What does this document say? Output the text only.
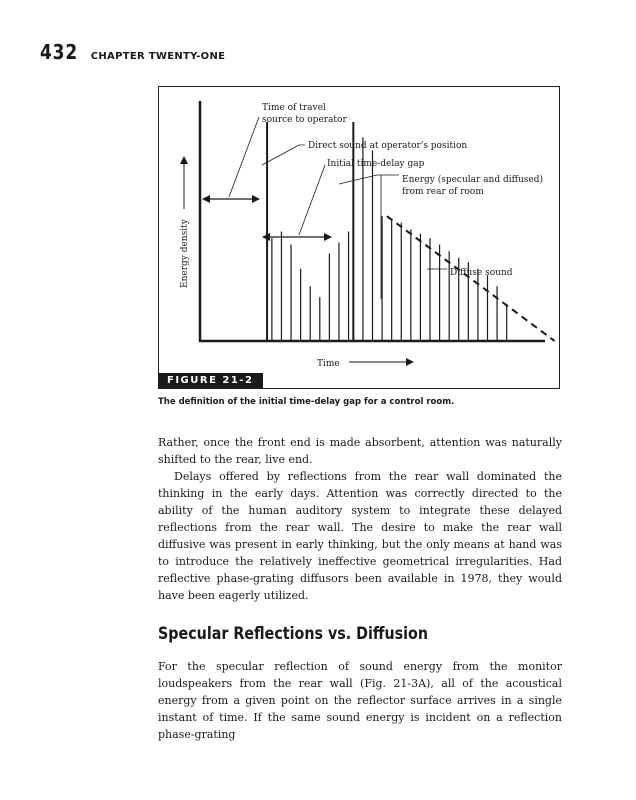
432 CHAPTER TWENTY-ONE
Energy density
Time
Time of travel
source to operator
Direct sound at operator's position
Initial time-delay gap
Energy (specular and diffused)
from rear of room
Diffuse sound
FIGURE 21-2
The definition of the initial time-delay gap for a control room.

Rather, once the front end is made absorbent, attention was naturally shifted to the rear, live end.

Delays offered by reflections from the rear wall dominated the thinking in the early days. Attention was correctly directed to the ability of the human auditory system to integrate these delayed reflections from the rear wall. The desire to make the rear wall diffusive was present in early thinking, but the only means at hand was to introduce the relatively ineffective geometrical irregularities. Had reflective phase-grating diffusors been available in 1978, they would have been eagerly utilized.

Specular Reflections vs. Diffusion

For the specular reflection of sound energy from the monitor loudspeakers from the rear wall (Fig. 21-3A), all of the acoustical energy from a given point on the reflector surface arrives in a single instant of time. If the same sound energy is incident on a reflection phase-grating
